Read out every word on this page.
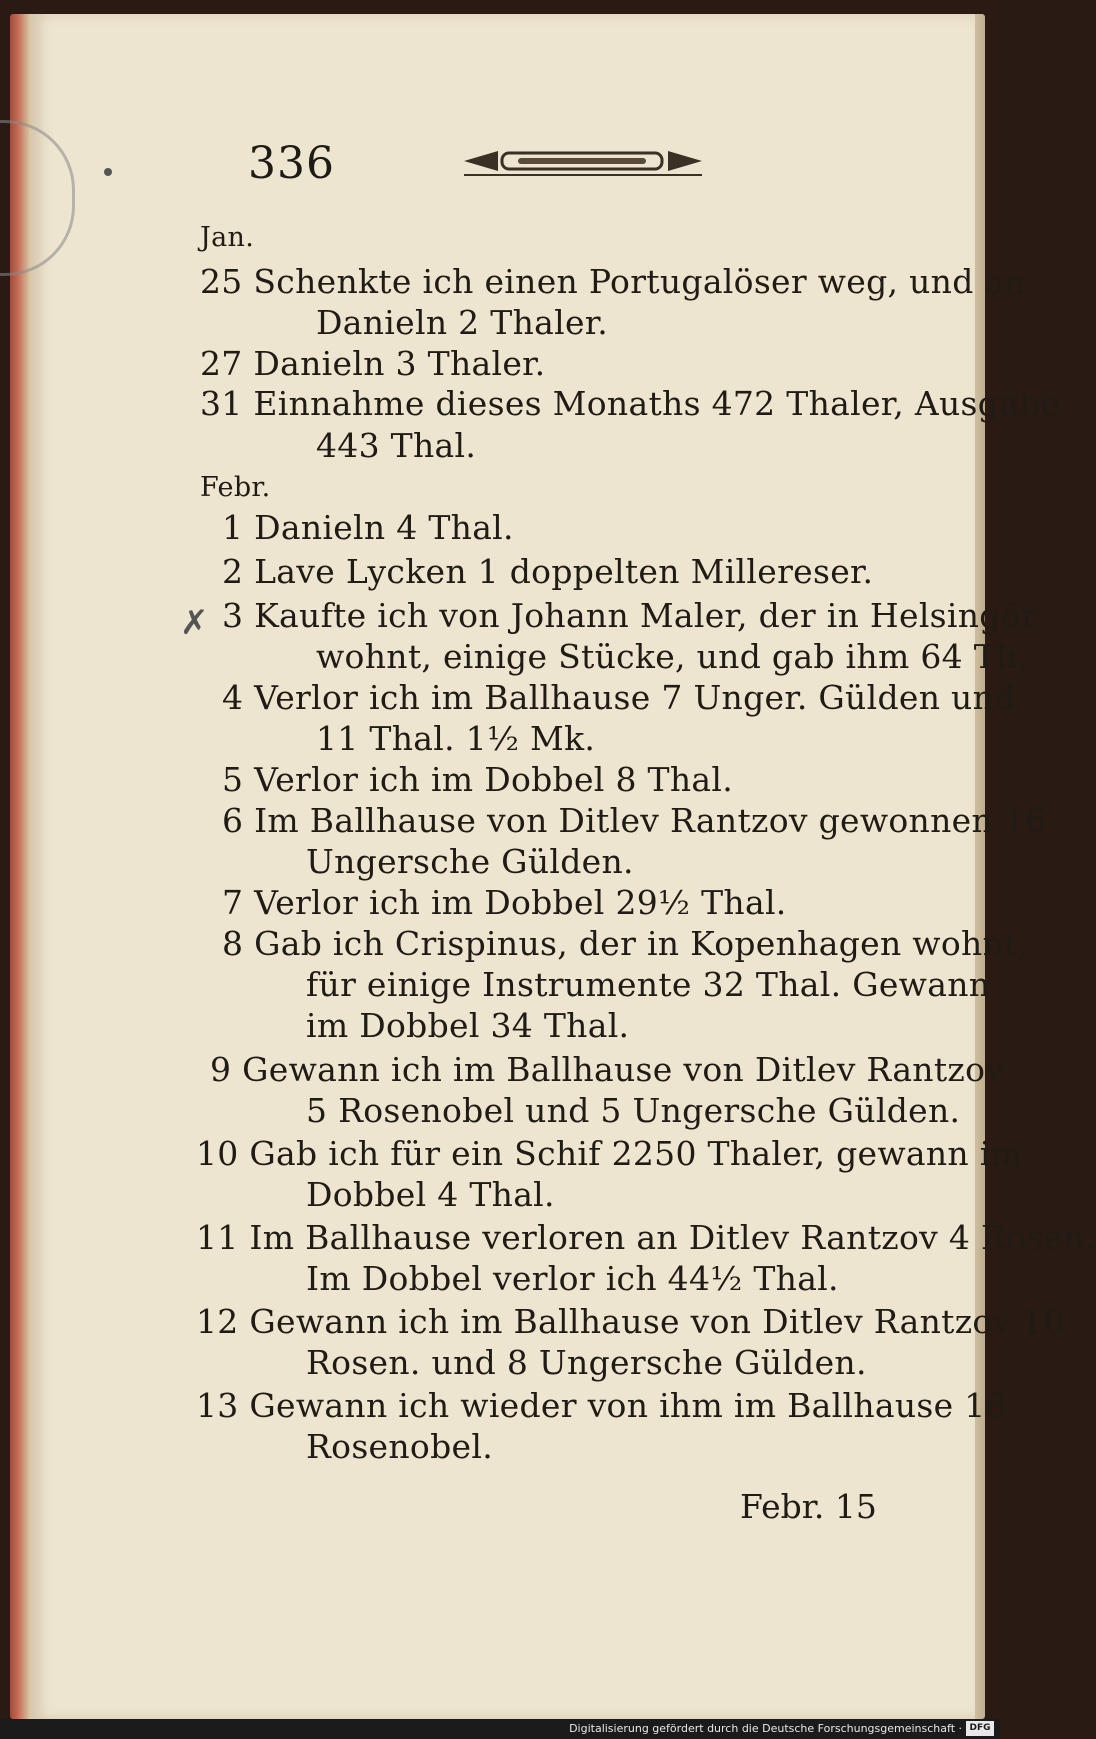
336
✗

Jan.

25 Schenkte ich einen Portugalöser weg, und an

Danieln 2 Thaler.

27 Danieln 3 Thaler.

31 Einnahme dieses Monaths 472 Thaler, Ausgabe

443 Thal.

Febr.

1 Danieln 4 Thal.

2 Lave Lycken 1 doppelten Millereser.

3 Kaufte ich von Johann Maler, der in Helsingör

wohnt, einige Stücke, und gab ihm 64 Th.

4 Verlor ich im Ballhause 7 Unger. Gülden und

11 Thal. 1½ Mk.

5 Verlor ich im Dobbel 8 Thal.

6 Im Ballhause von Ditlev Rantzov gewonnen 16

Ungersche Gülden.

7 Verlor ich im Dobbel 29½ Thal.

8 Gab ich Crispinus, der in Kopenhagen wohnt,

für einige Instrumente 32 Thal. Gewann

im Dobbel 34 Thal.

9 Gewann ich im Ballhause von Ditlev Rantzov

5 Rosenobel und 5 Ungersche Gülden.

10 Gab ich für ein Schif 2250 Thaler, gewann im

Dobbel 4 Thal.

11 Im Ballhause verloren an Ditlev Rantzov 4 Rosen.

Im Dobbel verlor ich 44½ Thal.

12 Gewann ich im Ballhause von Ditlev Rantzov 10

Rosen. und 8 Ungersche Gülden.

13 Gewann ich wieder von ihm im Ballhause 16

Rosenobel.

Febr. 15
Digitalisierung gefördert durch die Deutsche Forschungsgemeinschaft · DFG
